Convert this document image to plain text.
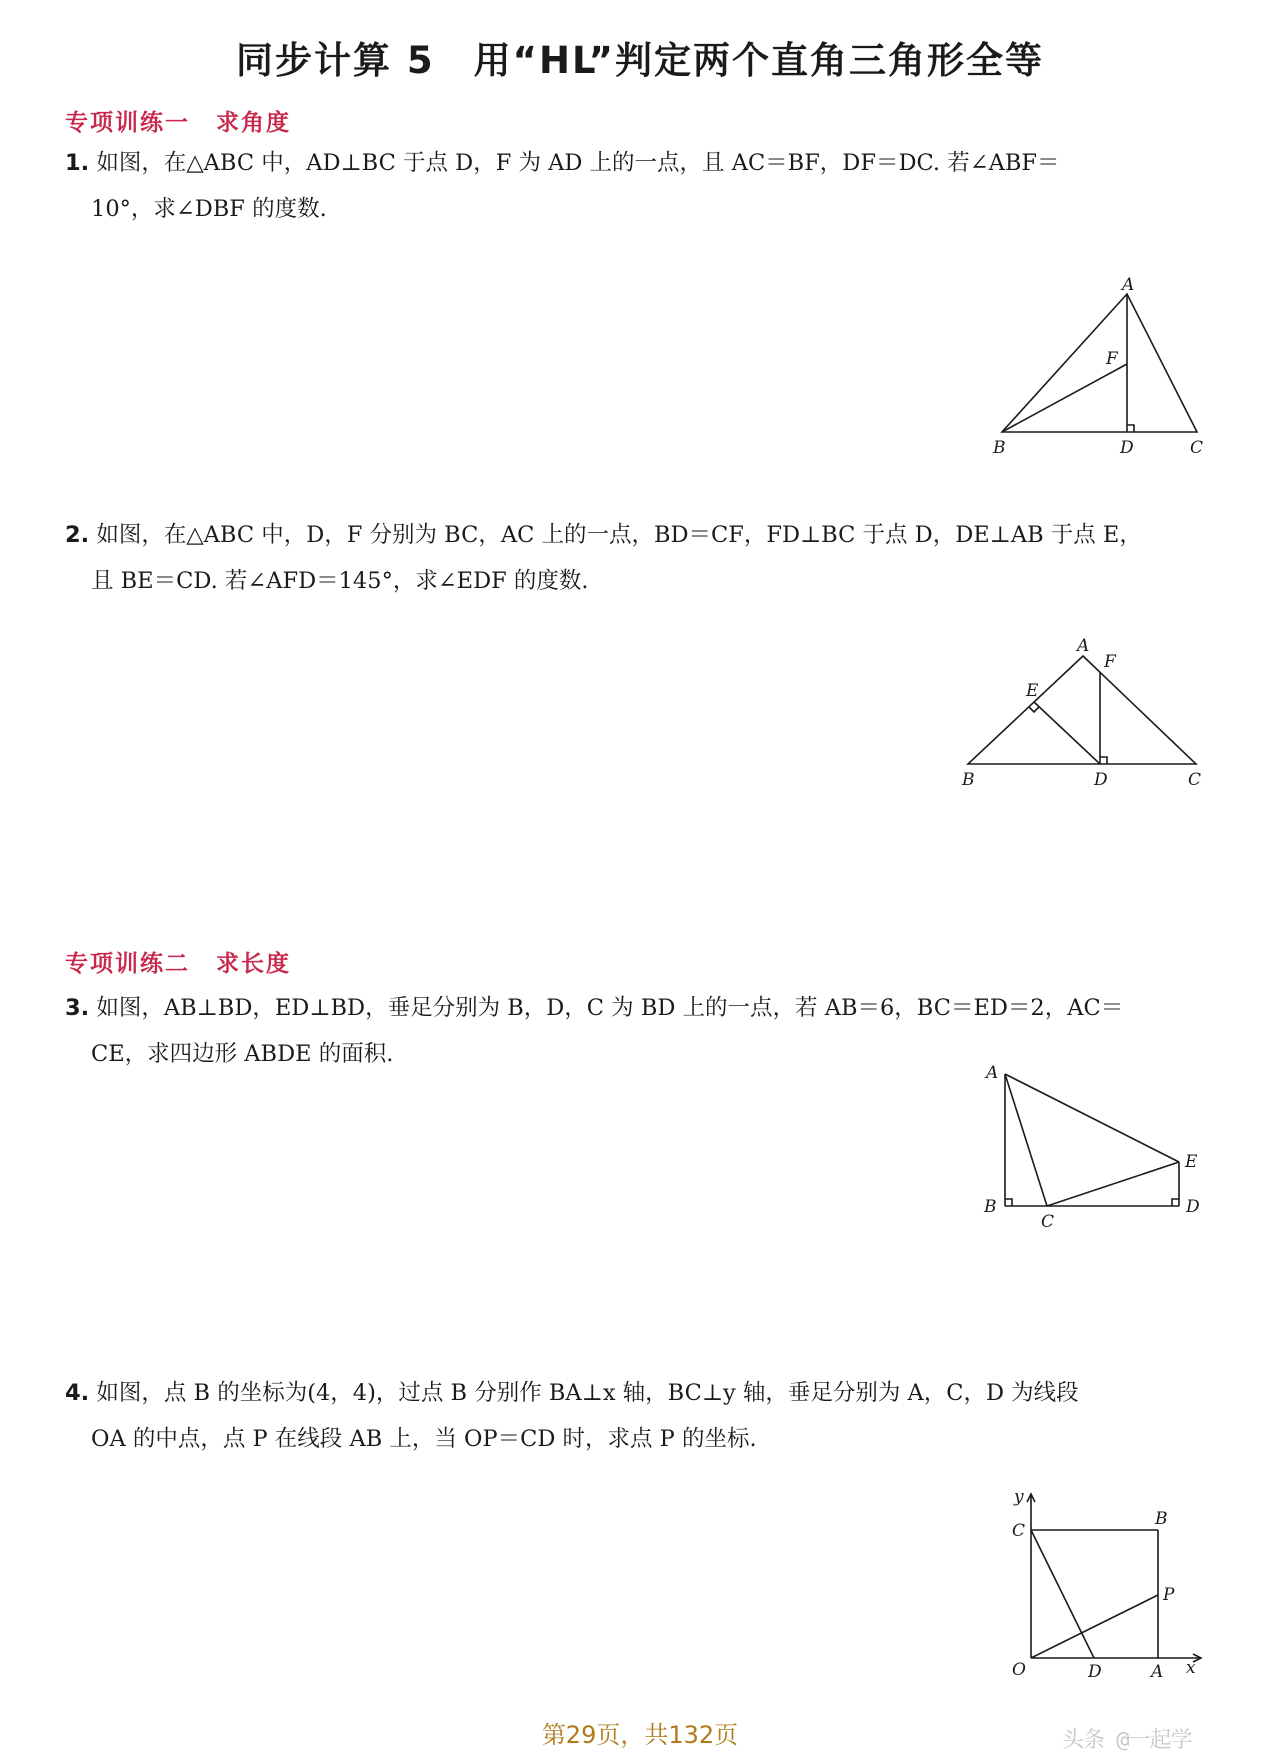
同步计算 5　用“HL”判定两个直角三角形全等
专项训练一 求角度
1. 如图，在△ABC 中，AD⊥BC 于点 D，F 为 AD 上的一点，且 AC＝BF，DF＝DC. 若∠ABF＝
10°，求∠DBF 的度数.
A
F
B	D	C
2. 如图，在△ABC 中，D，F 分别为 BC，AC 上的一点，BD＝CF，FD⊥BC 于点 D，DE⊥AB 于点 E，
且 BE＝CD. 若∠AFD＝145°，求∠EDF 的度数.
A
F
E
B	D	C
专项训练二 求长度
3. 如图，AB⊥BD，ED⊥BD，垂足分别为 B，D，C 为 BD 上的一点，若 AB＝6，BC＝ED＝2，AC＝
CE，求四边形 ABDE 的面积.
A
E
B
C
D
4. 如图，点 B 的坐标为(4，4)，过点 B 分别作 BA⊥x 轴，BC⊥y 轴，垂足分别为 A，C，D 为线段
OA 的中点，点 P 在线段 AB 上，当 OP＝CD 时，求点 P 的坐标.
y
C
B
P
O	D	A x
第29页，共132页	头条 @一起学
